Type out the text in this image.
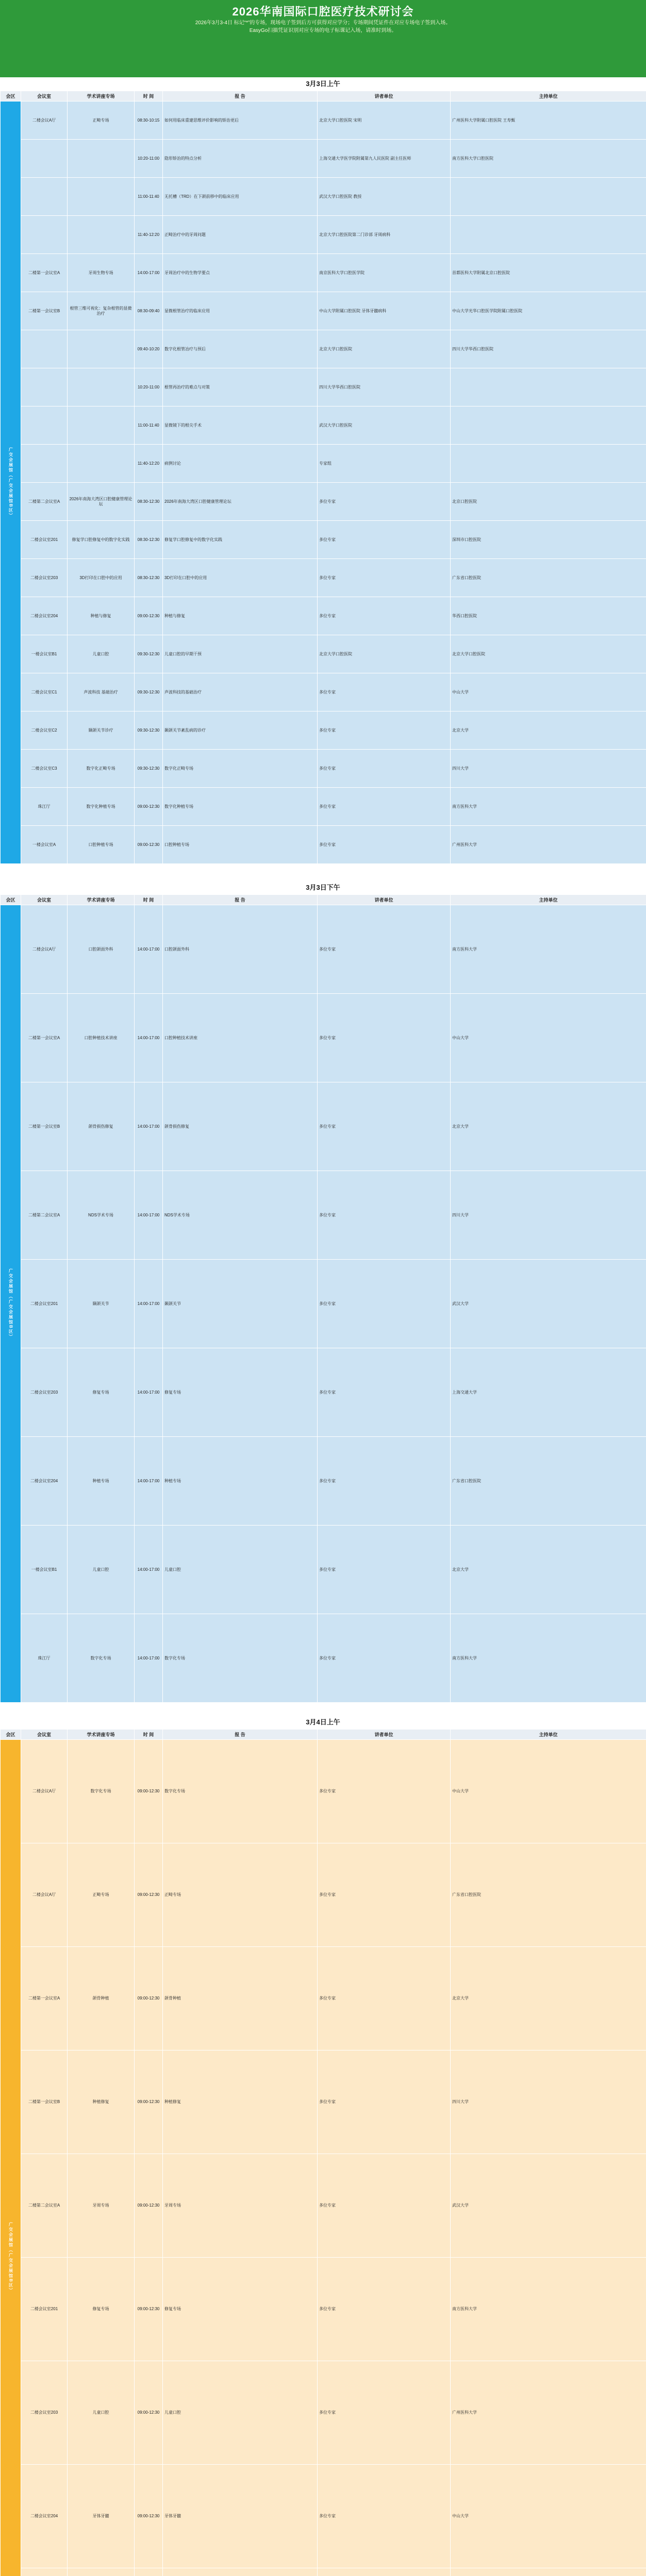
2026华南国际口腔医疗技术研讨会
2026年3月3-4日 标记“*”的专场，现场电子签到后方可获得对应学分；专场期间凭证件在对应专场电子签到入场。
EasyGo扫描凭证识别对应专场的电子标课记入场，请准时到场。
3月3日上午
会区	会议室	学术讲座专场	时 间	报 告	讲者单位	主持单位
广交会展馆（广交会展馆B区）	二楼会议A厅	正畸专场	08:30-10:15	如何用临床重建思维评价影响的矫治更后	北京大学口腔医院 宋明	广州医科大学附属口腔医院 王寿甄
			10:20-11:00	隐形矫治的特点分析	上海交通大学医学院附属第九人民医院 副主任医师	南方医科大学口腔医院
			11:00-11:40	无托槽（TRD）在下颌前移中的临床应用	武汉大学口腔医院 教授	
			11:40-12:20	正畸治疗中的牙周问题	北京大学口腔医院第二门诊部 牙周病科	
	二楼第一会议室A	牙周生物专场	14:00-17:00	牙周治疗中的生物学要点	南京医科大学口腔医学院	首都医科大学附属北京口腔医院
	二楼第一会议室B	根管三维可视化：复杂根管的显微治疗	08:30-09:40	显微根管治疗的临床应用	中山大学附属口腔医院 牙体牙髓病科	中山大学光华口腔医学院附属口腔医院
			09:40-10:20	数字化根管冶疗与预后	北京大学口腔医院	四川大学华西口腔医院
			10:20-11:00	根管再治疗的难点与对策	四川大学华西口腔医院	
			11:00-11:40	显微镜下的根尖手术	武汉大学口腔医院	
			11:40-12:20	病例讨论	专家组	
	二楼第二会议室A	2026年南海大湾区口腔健康管理论坛	08:30-12:30	2026年南海大湾区口腔健康管理论坛	多位专家	北京口腔医院
	二楼会议室201	修复学口腔修复中的数字化实践	08:30-12:30	修复学口腔修复中的数字化实践	多位专家	深圳市口腔医院
	二楼会议室203	3D打印在口腔中的应用	08:30-12:30	3D打印在口腔中的应用	多位专家	广东省口腔医院
	二楼会议室204	种植与修复	09:00-12:30	种植与修复	多位专家	华西口腔医院
	一楼会议室B1	儿童口腔	09:30-12:30	儿童口腔的早期干预	北京大学口腔医院	北京大学口腔医院
	二楼会议室C1	声波科技 基础治疗	09:30-12:30	声波科技的基础治疗	多位专家	中山大学
	二楼会议室C2	颞颌关节诊疗	09:30-12:30	颞颌关节紊乱病的诊疗	多位专家	北京大学
	二楼会议室C3	数字化正畸专场	09:30-12:30	数字化正畸专场	多位专家	四川大学
	珠江厅	数字化种植专场	09:00-12:30	数字化种植专场	多位专家	南方医科大学
	一楼会议室A	口腔种植专场	09:00-12:30	口腔种植专场	多位专家	广州医科大学
3月3日下午
会区	会议室	学术讲座专场	时 间	报 告	讲者单位	主持单位
广交会展馆（广交会展馆B区）	二楼会议A厅	口腔颌面外科	14:00-17:00	口腔颌面外科	多位专家	南方医科大学
	二楼第一会议室A	口腔种植技术讲座	14:00-17:00	口腔种植技术讲座	多位专家	中山大学
	二楼第一会议室B	颌骨损伤修复	14:00-17:00	颌骨损伤修复	多位专家	北京大学
	二楼第二会议室A	NDS学术专场	14:00-17:00	NDS学术专场	多位专家	四川大学
	二楼会议室201	颞颌关节	14:00-17:00	颞颌关节	多位专家	武汉大学
	二楼会议室203	修复专场	14:00-17:00	修复专场	多位专家	上海交通大学
	二楼会议室204	种植专场	14:00-17:00	种植专场	多位专家	广东省口腔医院
	一楼会议室B1	儿童口腔	14:00-17:00	儿童口腔	多位专家	北京大学
	珠江厅	数字化专场	14:00-17:00	数字化专场	多位专家	南方医科大学
3月4日上午
会区	会议室	学术讲座专场	时 间	报 告	讲者单位	主持单位
广交会展馆（广交会展馆B区）	二楼会议A厅	数字化专场	09:00-12:30	数字化专场	多位专家	中山大学
	二楼会议A厅	正畸专场	09:00-12:30	正畸专场	多位专家	广东省口腔医院
	二楼第一会议室A	颌骨种植	09:00-12:30	颌骨种植	多位专家	北京大学
	二楼第一会议室B	种植修复	09:00-12:30	种植修复	多位专家	四川大学
	二楼第二会议室A	牙周专场	09:00-12:30	牙周专场	多位专家	武汉大学
	二楼会议室201	修复专场	09:00-12:30	修复专场	多位专家	南方医科大学
	二楼会议室203	儿童口腔	09:00-12:30	儿童口腔	多位专家	广州医科大学
	二楼会议室204	牙体牙髓	09:00-12:30	牙体牙髓	多位专家	中山大学
